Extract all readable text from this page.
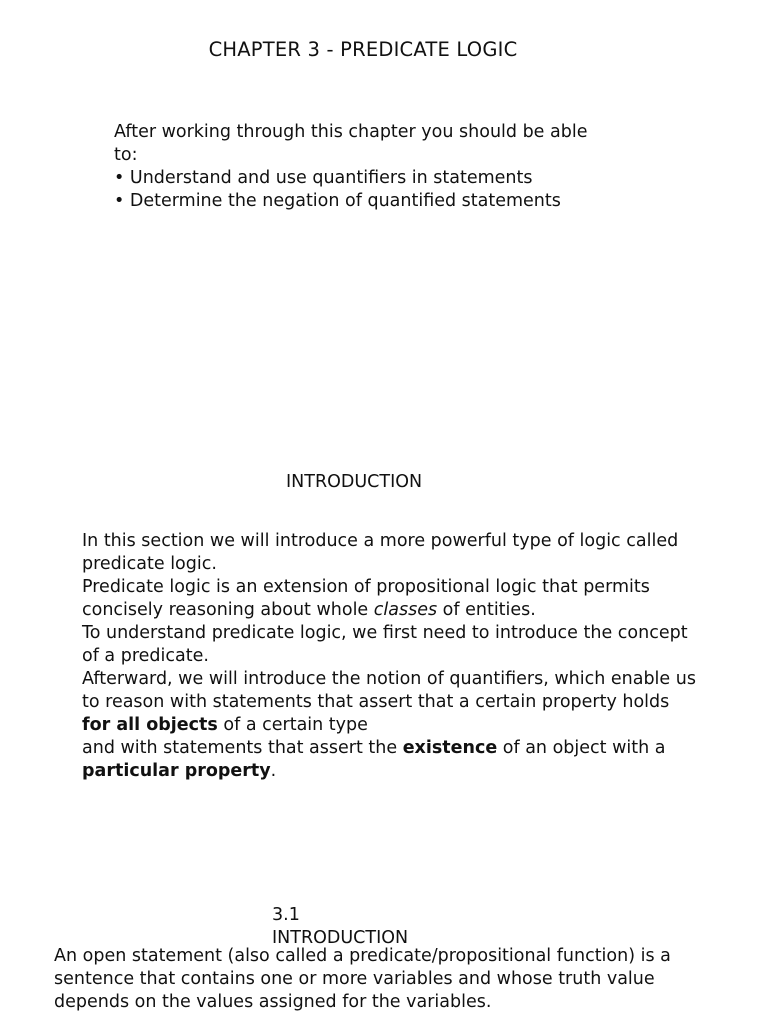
CHAPTER 3 - PREDICATE LOGIC

After working through this chapter you should be able

to:

• Understand and use quantifiers in statements

• Determine the negation of quantified statements

INTRODUCTION

In this section we will introduce a more powerful type of logic called predicate logic.

Predicate logic is an extension of propositional logic that permits concisely reasoning about whole classes of entities.

To understand predicate logic, we first need to introduce the concept of a predicate.

Afterward, we will introduce the notion of quantifiers, which enable us to reason with statements that assert that a certain property holds for all objects of a certain type

and with statements that assert the existence of an object with a particular property.

3.1
INTRODUCTION
An open statement (also called a predicate/propositional function) is a sentence that contains one or more variables and whose truth value depends on the values assigned for the variables.
